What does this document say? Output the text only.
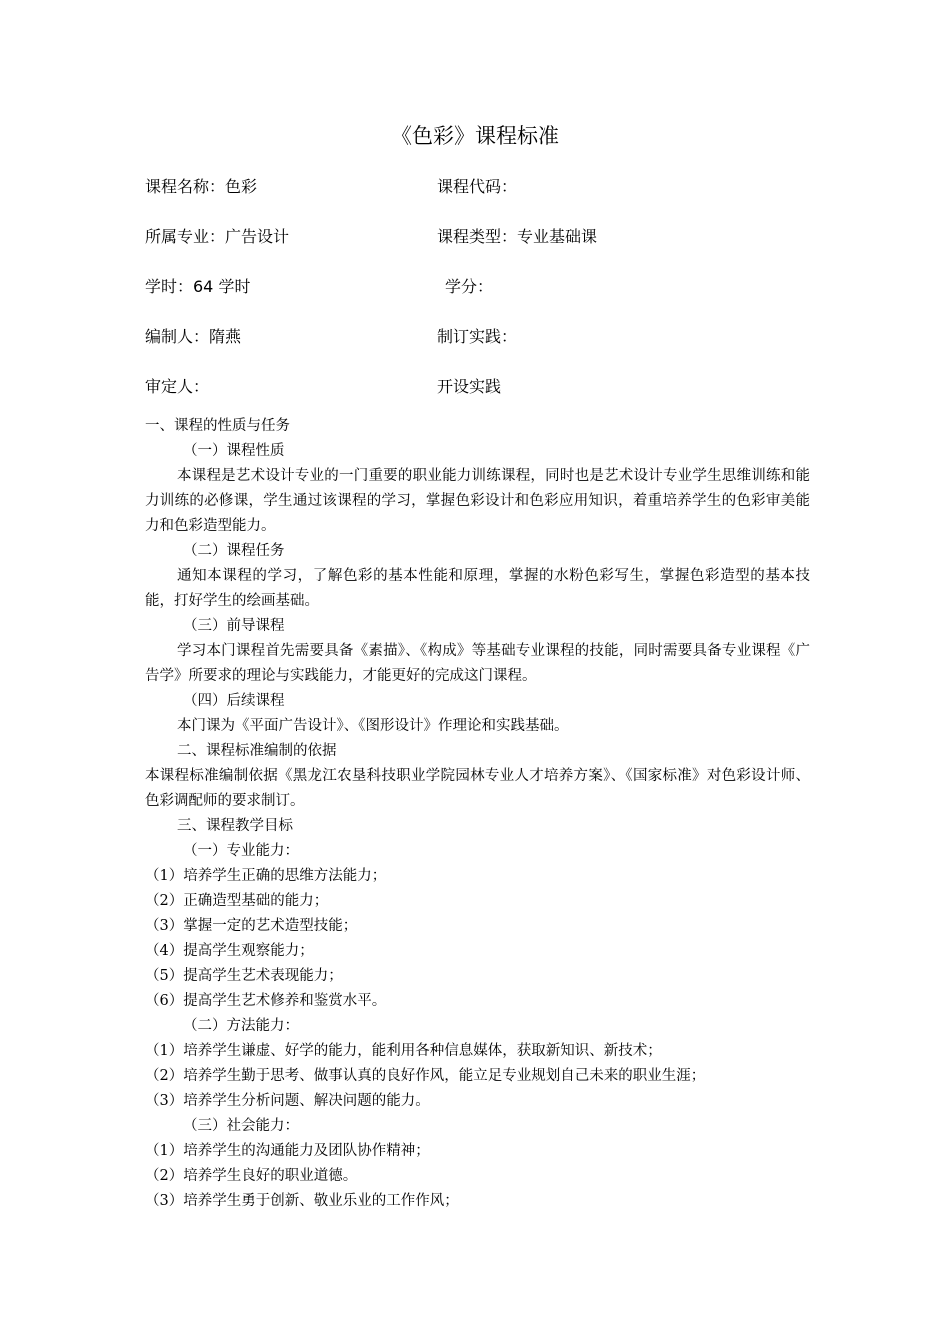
《色彩》课程标准
课程名称：色彩	课程代码：
所属专业：广告设计	课程类型：专业基础课
学时：64 学时	学分：
编制人：隋燕	制订实践：
审定人：	开设实践
一、课程的性质与任务
（一）课程性质
本课程是艺术设计专业的一门重要的职业能力训练课程，同时也是艺术设计专业学生思维训练和能力训练的必修课，学生通过该课程的学习，掌握色彩设计和色彩应用知识，着重培养学生的色彩审美能力和色彩造型能力。
（二）课程任务
通知本课程的学习，了解色彩的基本性能和原理，掌握的水粉色彩写生，掌握色彩造型的基本技能，打好学生的绘画基础。
（三）前导课程
学习本门课程首先需要具备《素描》、《构成》等基础专业课程的技能，同时需要具备专业课程《广告学》所要求的理论与实践能力，才能更好的完成这门课程。
（四）后续课程
本门课为《平面广告设计》、《图形设计》作理论和实践基础。
二、课程标准编制的依据
本课程标准编制依据《黑龙江农垦科技职业学院园林专业人才培养方案》、《国家标准》对色彩设计师、色彩调配师的要求制订。
三、课程教学目标
（一）专业能力：
（1）培养学生正确的思维方法能力；
（2）正确造型基础的能力；
（3）掌握一定的艺术造型技能；
（4）提高学生观察能力；
（5）提高学生艺术表现能力；
（6）提高学生艺术修养和鉴赏水平。
（二）方法能力：
（1）培养学生谦虚、好学的能力，能利用各种信息媒体，获取新知识、新技术；
（2）培养学生勤于思考、做事认真的良好作风，能立足专业规划自己未来的职业生涯；
（3）培养学生分析问题、解决问题的能力。
（三）社会能力：
（1）培养学生的沟通能力及团队协作精神；
（2）培养学生良好的职业道德。
（3）培养学生勇于创新、敬业乐业的工作作风；
